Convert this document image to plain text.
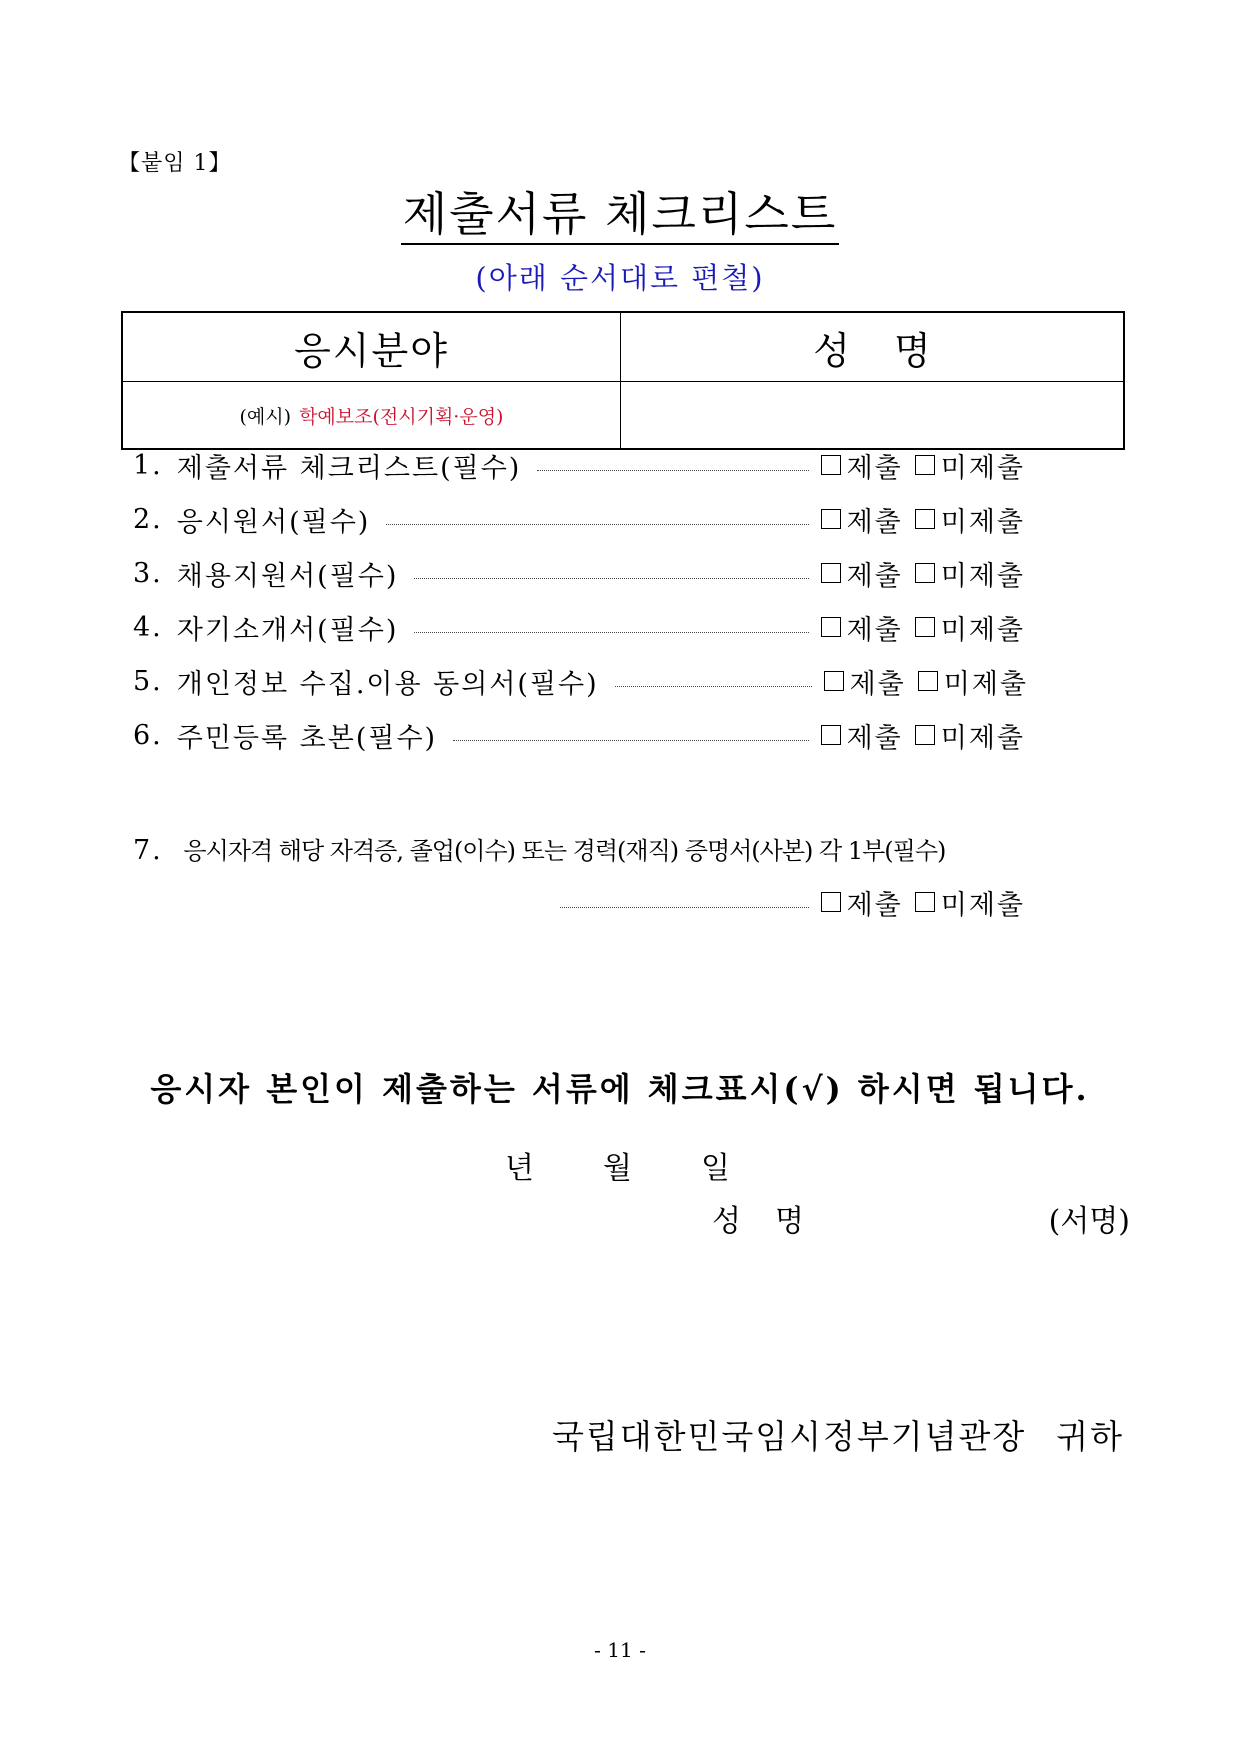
【붙임 1】
제출서류 체크리스트
(아래 순서대로 편철)
응시분야	성명
(예시) 학예보조(전시기획·운영)
1. 제출서류 체크리스트(필수)	제출 미제출
2. 응시원서(필수)	제출 미제출
3. 채용지원서(필수)	제출 미제출
4. 자기소개서(필수)	제출 미제출
5. 개인정보 수집.이용 동의서(필수)	제출 미제출
6. 주민등록 초본(필수)	제출 미제출
7. 응시자격 해당 자격증, 졸업(이수) 또는 경력(재직) 증명서(사본) 각 1부(필수)
제출 미제출
응시자 본인이 제출하는 서류에 체크표시(√) 하시면 됩니다.
년	월	일
성명	(서명)
국립대한민국임시정부기념관장 귀하
- 11 -
